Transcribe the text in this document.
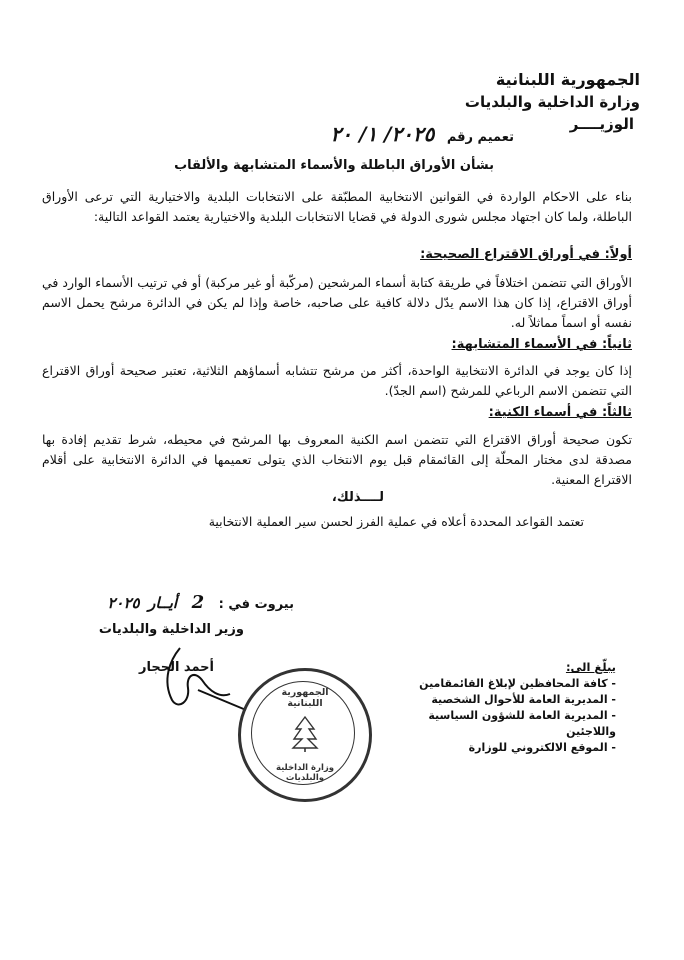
الجمهورية اللبنانية
وزارة الداخلية والبلديات
الوزيــــر
تعميم رقم ٢٠٢٥/ ١/ ٢٠
بشأن الأوراق الباطلة والأسماء المتشابهة والألقاب
بناء على الاحكام الواردة في القوانين الانتخابية المطبّقة على الانتخابات البلدية والاختيارية التي ترعى الأوراق الباطلة، ولما كان اجتهاد مجلس شورى الدولة في قضايا الانتخابات البلدية والاختيارية يعتمد القواعد التالية:
أولاً: في أوراق الاقتراع الصحيحة:
الأوراق التي تتضمن اختلافاً في طريقة كتابة أسماء المرشحين (مركّبة أو غير مركبة) أو في ترتيب الأسماء الوارد في أوراق الاقتراع، إذا كان هذا الاسم يدّل دلالة كافية على صاحبه، خاصة وإذا لم يكن في الدائرة مرشح يحمل الاسم نفسه أو اسماً مماثلاً له.
ثانياً: في الأسماء المتشابهة:
إذا كان يوجد في الدائرة الانتخابية الواحدة، أكثر من مرشح تتشابه أسماؤهم الثلاثية، تعتبر صحيحة أوراق الاقتراع التي تتضمن الاسم الرباعي للمرشح (اسم الجدّ).
ثالثاً: في أسماء الكنية:
تكون صحيحة أوراق الاقتراع التي تتضمن اسم الكنية المعروف بها المرشح في محيطه، شرط تقديم إفادة بها مصدقة لدى مختار المحلّة إلى القائمقام قبل يوم الانتخاب الذي يتولى تعميمها في الدائرة الانتخابية على أقلام الاقتراع المعنية.
لــــذلك،
تعتمد القواعد المحددة أعلاه في عملية الفرز لحسن سير العملية الانتخابية
بيروت في : 2 أيــار ٢٠٢٥
وزير الداخلية والبلديات
أحمد الحجار
الجمهورية اللبنانية
وزارة الداخلية والبلديات
يبلّغ الى:
- كافة المحافظين لإبلاغ القائمقامين
- المديرية العامة للأحوال الشخصية
- المديرية العامة للشؤون السياسية واللاجئين
- الموقع الالكتروني للوزارة
